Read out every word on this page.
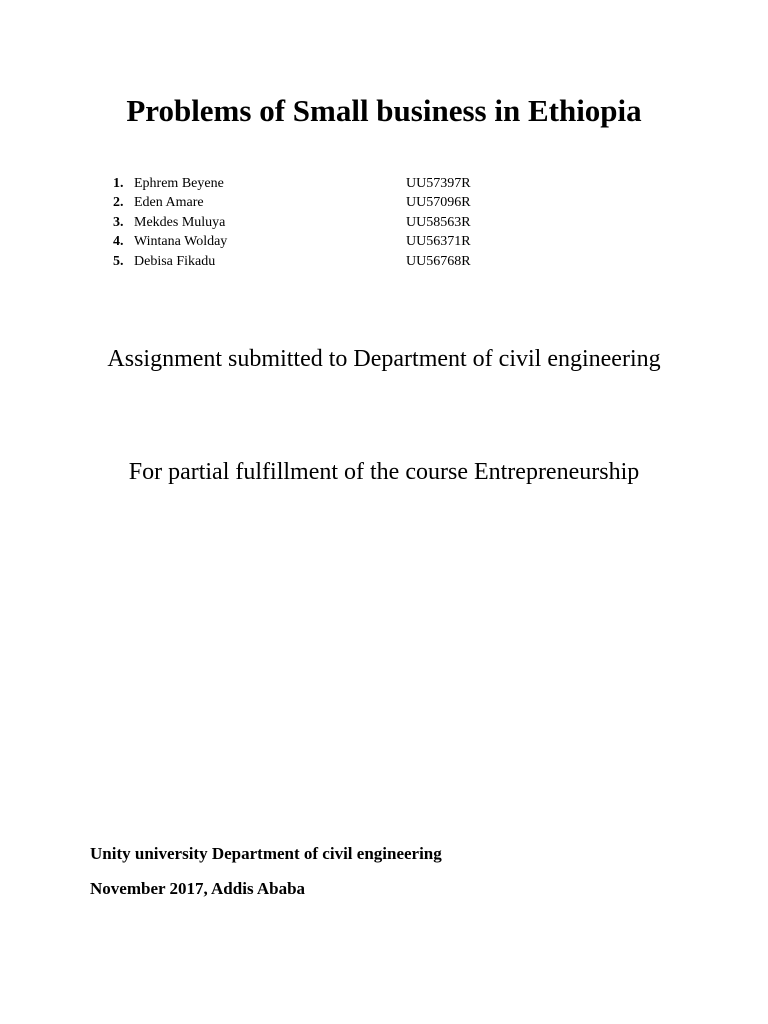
Problems of Small business in Ethiopia
1. Ephrem Beyene	UU57397R
2. Eden Amare	UU57096R
3. Mekdes Muluya	UU58563R
4. Wintana Wolday	UU56371R
5. Debisa Fikadu	UU56768R

Assignment submitted to Department of civil engineering

For partial fulfillment of the course Entrepreneurship

Unity university Department of civil engineering

November 2017, Addis Ababa
